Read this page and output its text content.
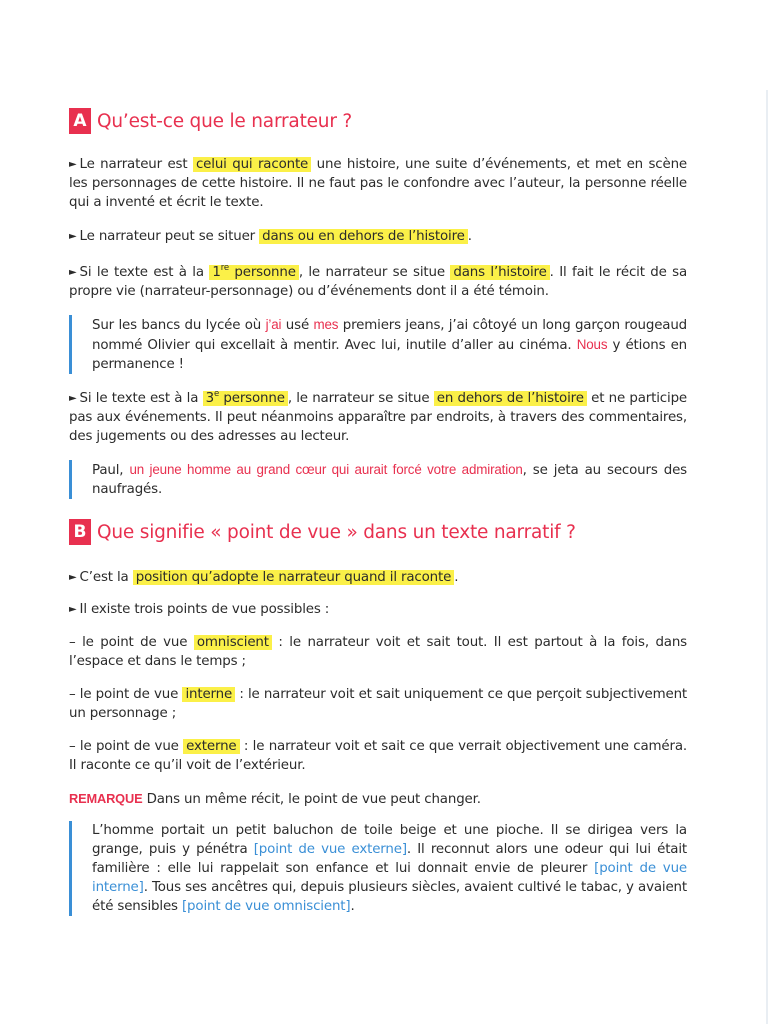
A Qu’est-ce que le narrateur ?
► Le narrateur est celui qui raconte une histoire, une suite d’événements, et met en scène les personnages de cette histoire. Il ne faut pas le confondre avec l’auteur, la personne réelle qui a inventé et écrit le texte.
► Le narrateur peut se situer dans ou en dehors de l’histoire .
► Si le texte est à la 1re personne , le narrateur se situe dans l’histoire . Il fait le récit de sa propre vie (narrateur-personnage) ou d’événements dont il a été témoin.
Sur les bancs du lycée où j’ai usé mes premiers jeans, j’ai côtoyé un long garçon rougeaud nommé Olivier qui excellait à mentir. Avec lui, inutile d’aller au cinéma. Nous y étions en permanence !
► Si le texte est à la 3e personne , le narrateur se situe en dehors de l’histoire et ne participe pas aux événements. Il peut néanmoins apparaître par endroits, à travers des commentaires, des jugements ou des adresses au lecteur.
Paul, un jeune homme au grand cœur qui aurait forcé votre admiration, se jeta au secours des naufragés.
B Que signifie « point de vue » dans un texte narratif ?
► C’est la position qu’adopte le narrateur quand il raconte .
► Il existe trois points de vue possibles :
– le point de vue omniscient : le narrateur voit et sait tout. Il est partout à la fois, dans l’espace et dans le temps ;
– le point de vue interne : le narrateur voit et sait uniquement ce que perçoit subjectivement un personnage ;
– le point de vue externe : le narrateur voit et sait ce que verrait objectivement une caméra. Il raconte ce qu’il voit de l’extérieur.
REMARQUE Dans un même récit, le point de vue peut changer.
L’homme portait un petit baluchon de toile beige et une pioche. Il se dirigea vers la grange, puis y pénétra [point de vue externe]. Il reconnut alors une odeur qui lui était familière : elle lui rappelait son enfance et lui donnait envie de pleurer [point de vue interne]. Tous ses ancêtres qui, depuis plusieurs siècles, avaient cultivé le tabac, y avaient été sensibles [point de vue omniscient].
